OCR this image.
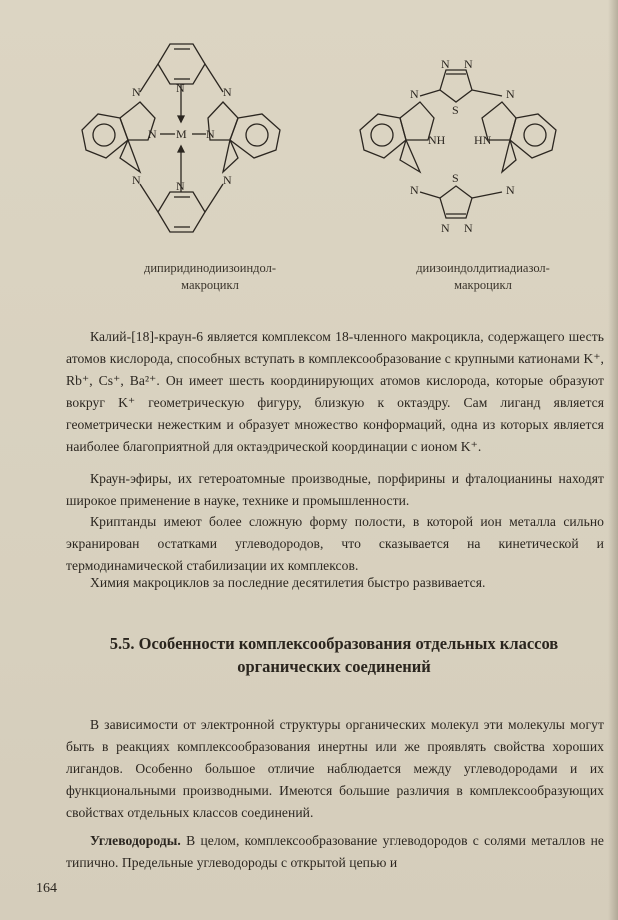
N	N
N	N
N	N
N
N
M
N N
S
N	N
NH HN
N	N
S
N N
дипиридинодиизоиндол-
макроцикл
диизоиндолдитиадиазол-
макроцикл

Калий-[18]-краун-6 является комплексом 18-членного макроцикла, содержащего шесть атомов кислорода, способных вступать в комплексообразование с крупными катионами K⁺, Rb⁺, Cs⁺, Ba²⁺. Он имеет шесть координирующих атомов кислорода, которые образуют вокруг K⁺ геометрическую фигуру, близкую к октаэдру. Сам лиганд является геометрически нежестким и образует множество конформаций, одна из которых является наиболее благоприятной для октаэдрической координации с ионом K⁺.

Краун-эфиры, их гетероатомные производные, порфирины и фталоцианины находят широкое применение в науке, технике и промышленности.

Криптанды имеют более сложную форму полости, в которой ион металла сильно экранирован остатками углеводородов, что сказывается на кинетической и термодинамической стабилизации их комплексов.

Химия макроциклов за последние десятилетия быстро развивается.

5.5. Особенности комплексообразования отдельных классов органических соединений

В зависимости от электронной структуры органических молекул эти молекулы могут быть в реакциях комплексообразования инертны или же проявлять свойства хороших лигандов. Особенно большое отличие наблюдается между углеводородами и их функциональными производными. Имеются большие различия в комплексообразующих свойствах отдельных классов соединений.

Углеводороды. В целом, комплексообразование углеводородов с солями металлов не типично. Предельные углеводороды с открытой цепью и

164
